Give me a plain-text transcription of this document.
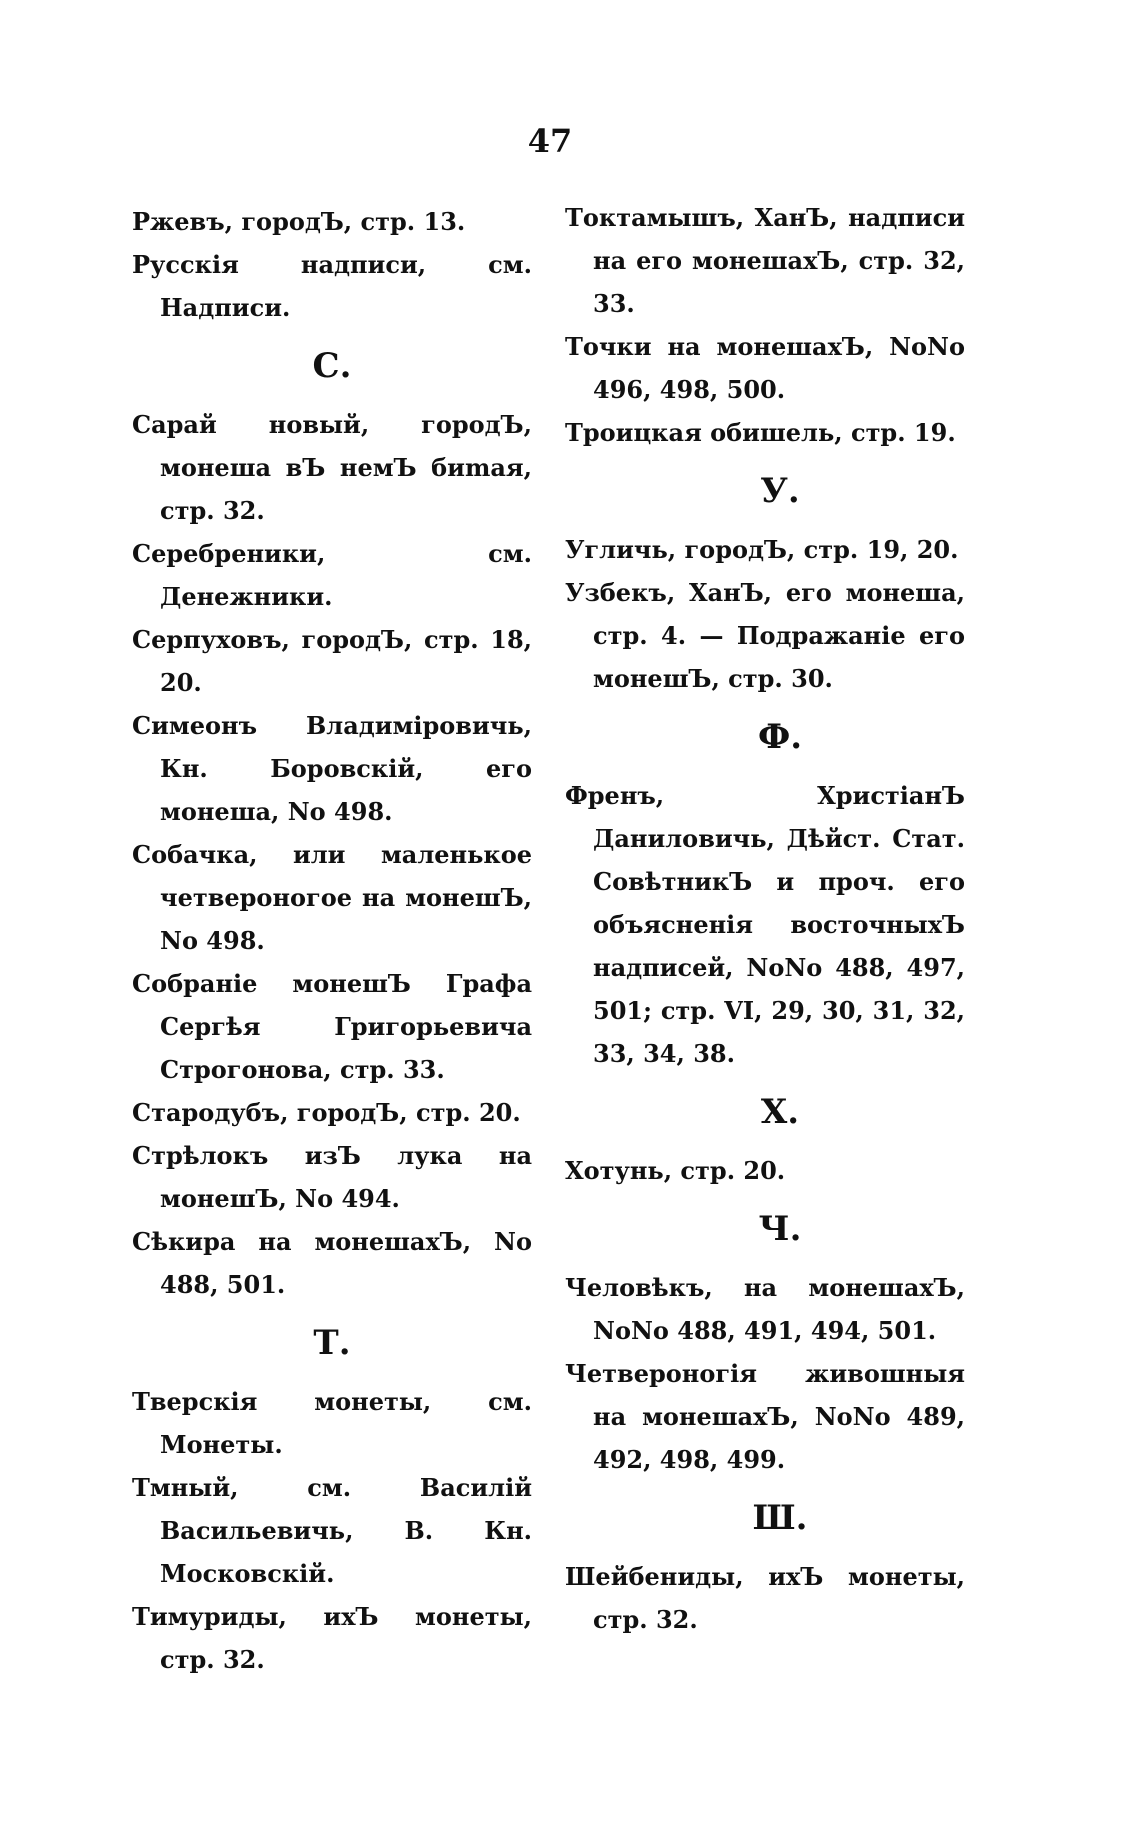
47

Ржевъ, городЪ, стр. 13.

Русскія надписи, см. Надписи.

С.

Сарай новый, городЪ, монеша вЪ немЪ биmая, стр. 32.

Серебреники, см. Денежники.

Серпуховъ, городЪ, стр. 18, 20.

Симеонъ Владиміровичь, Кн. Боровскій, его монеша, No 498.

Собачка, или маленькое четвероногое на монешЪ, No 498.

Собраніе монешЪ Графа Сергѣя Григорьевича Строгонова, стр. 33.

Стародубъ, городЪ, стр. 20.

Стрѣлокъ изЪ лука на монешЪ, No 494.

Сѣкира на монешахЪ, No 488, 501.

Т.

Тверскія монеты, см. Монеты.

Тмный, см. Василій Васильевичь, В. Кн. Московскій.

Тимуриды, ихЪ монеты, стр. 32.

Токтамышъ, ХанЪ, надписи на его монешахЪ, стр. 32, 33.

Точки на монешахЪ, NoNo 496, 498, 500.

Троицкая обишель, стр. 19.

У.

Угличь, городЪ, стр. 19, 20.

Узбекъ, ХанЪ, его монеша, стр. 4. — Подражаніе его монешЪ, стр. 30.

Ф.

Френъ, ХристіанЪ Даниловичь, Дѣйст. Стат. СовѣтникЪ и проч. его объясненія восточныхЪ надписей, NoNo 488, 497, 501; стр. VI, 29, 30, 31, 32, 33, 34, 38.

Х.

Хотунь, стр. 20.

Ч.

Человѣкъ, на монешахЪ, NoNo 488, 491, 494, 501.

Четвероногія живошныя на монешахЪ, NoNo 489, 492, 498, 499.

Ш.

Шейбениды, ихЪ монеты, стр. 32.
